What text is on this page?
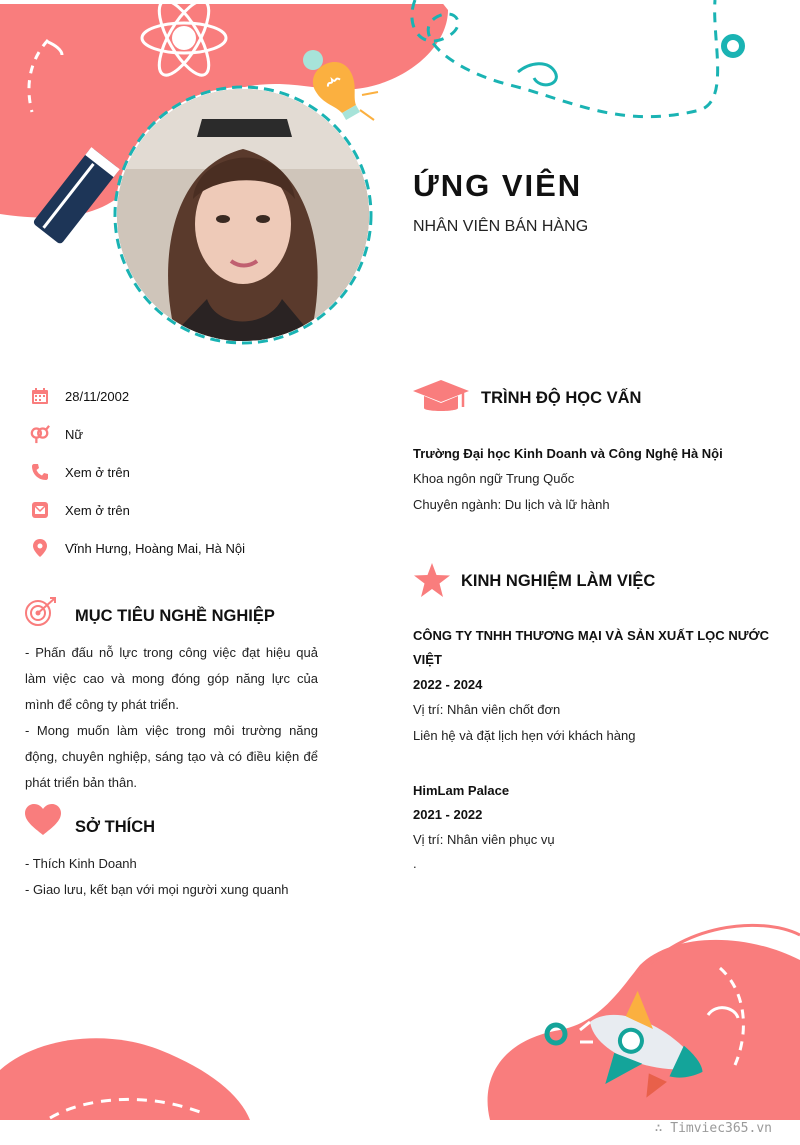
ỨNG VIÊN

NHÂN VIÊN BÁN HÀNG

28/11/2002
Nữ
Xem ở trên
Xem ở trên
Vĩnh Hưng, Hoàng Mai, Hà Nội
MỤC TIÊU NGHỀ NGHIỆP

- Phấn đấu nỗ lực trong công việc đạt hiệu quả làm việc cao và mong đóng góp năng lực của mình để công ty phát triển.

- Mong muốn làm việc trong môi trường năng động, chuyên nghiệp, sáng tạo và có điều kiện để phát triển bản thân.

SỞ THÍCH

- Thích Kinh Doanh

- Giao lưu, kết bạn với mọi người xung quanh

TRÌNH ĐỘ HỌC VẤN

Trường Đại học Kinh Doanh và Công Nghệ Hà Nội

Khoa ngôn ngữ Trung Quốc

Chuyên ngành: Du lịch và lữ hành

KINH NGHIỆM LÀM VIỆC

CÔNG TY TNHH THƯƠNG MẠI VÀ SẢN XUẤT LỌC NƯỚC VIỆT

2022 - 2024

Vị trí: Nhân viên chốt đơn

Liên hệ và đặt lịch hẹn với khách hàng

HimLam Palace

2021 - 2022

Vị trí: Nhân viên phục vụ

.

∴ Timviec365.vn
